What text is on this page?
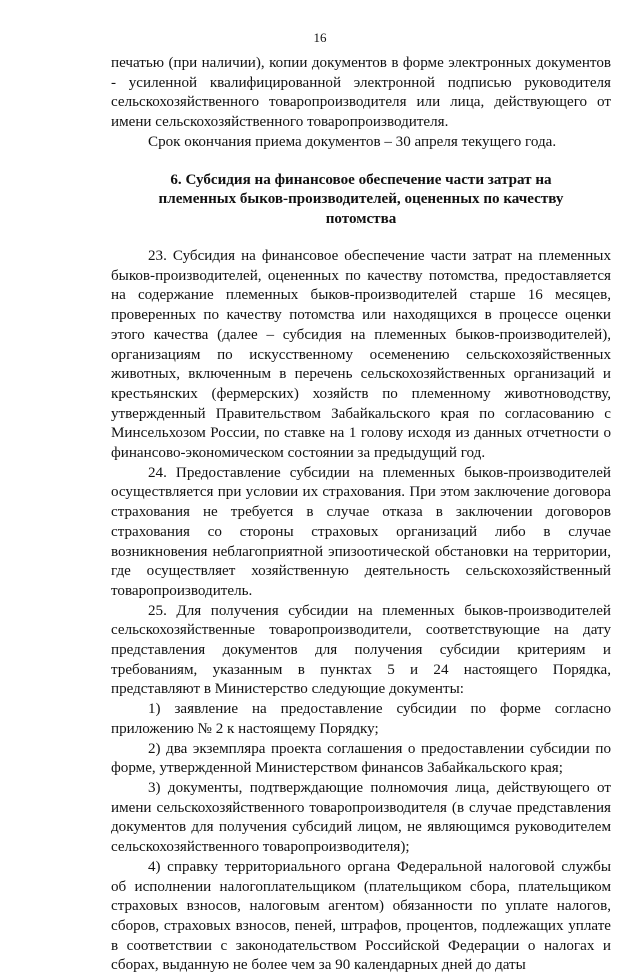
16

печатью (при наличии), копии документов в форме электронных документов - усиленной квалифицированной электронной подписью руководителя сельскохозяйственного товаропроизводителя или лица, действующего от имени сельскохозяйственного товаропроизводителя.

Срок окончания приема документов – 30 апреля текущего года.

6. Субсидия на финансовое обеспечение части затрат на племенных быков-производителей, оцененных по качеству потомства

23. Субсидия на финансовое обеспечение части затрат на племенных быков-производителей, оцененных по качеству потомства, предоставляется на содержание племенных быков-производителей старше 16 месяцев, проверенных по качеству потомства или находящихся в процессе оценки этого качества (далее – субсидия на племенных быков-производителей), организациям по искусственному осеменению сельскохозяйственных животных, включенным в перечень сельскохозяйственных организаций и крестьянских (фермерских) хозяйств по племенному животноводству, утвержденный Правительством Забайкальского края по согласованию с Минсельхозом России, по ставке на 1 голову исходя из данных отчетности о финансово-экономическом состоянии за предыдущий год.

24. Предоставление субсидии на племенных быков-производителей осуществляется при условии их страхования. При этом заключение договора страхования не требуется в случае отказа в заключении договоров страхования со стороны страховых организаций либо в случае возникновения неблагоприятной эпизоотической обстановки на территории, где осуществляет хозяйственную деятельность сельскохозяйственный товаропроизводитель.

25. Для получения субсидии на племенных быков-производителей сельскохозяйственные товаропроизводители, соответствующие на дату представления документов для получения субсидии критериям и требованиям, указанным в пунктах 5 и 24 настоящего Порядка, представляют в Министерство следующие документы:

1) заявление на предоставление субсидии по форме согласно приложению № 2 к настоящему Порядку;

2) два экземпляра проекта соглашения о предоставлении субсидии по форме, утвержденной Министерством финансов Забайкальского края;

3) документы, подтверждающие полномочия лица, действующего от имени сельскохозяйственного товаропроизводителя (в случае представления документов для получения субсидий лицом, не являющимся руководителем сельскохозяйственного товаропроизводителя);

4) справку территориального органа Федеральной налоговой службы об исполнении налогоплательщиком (плательщиком сбора, плательщиком страховых взносов, налоговым агентом) обязанности по уплате налогов, сборов, страховых взносов, пеней, штрафов, процентов, подлежащих уплате в соответствии с законодательством Российской Федерации о налогах и сборах, выданную не более чем за 90 календарных дней до даты
